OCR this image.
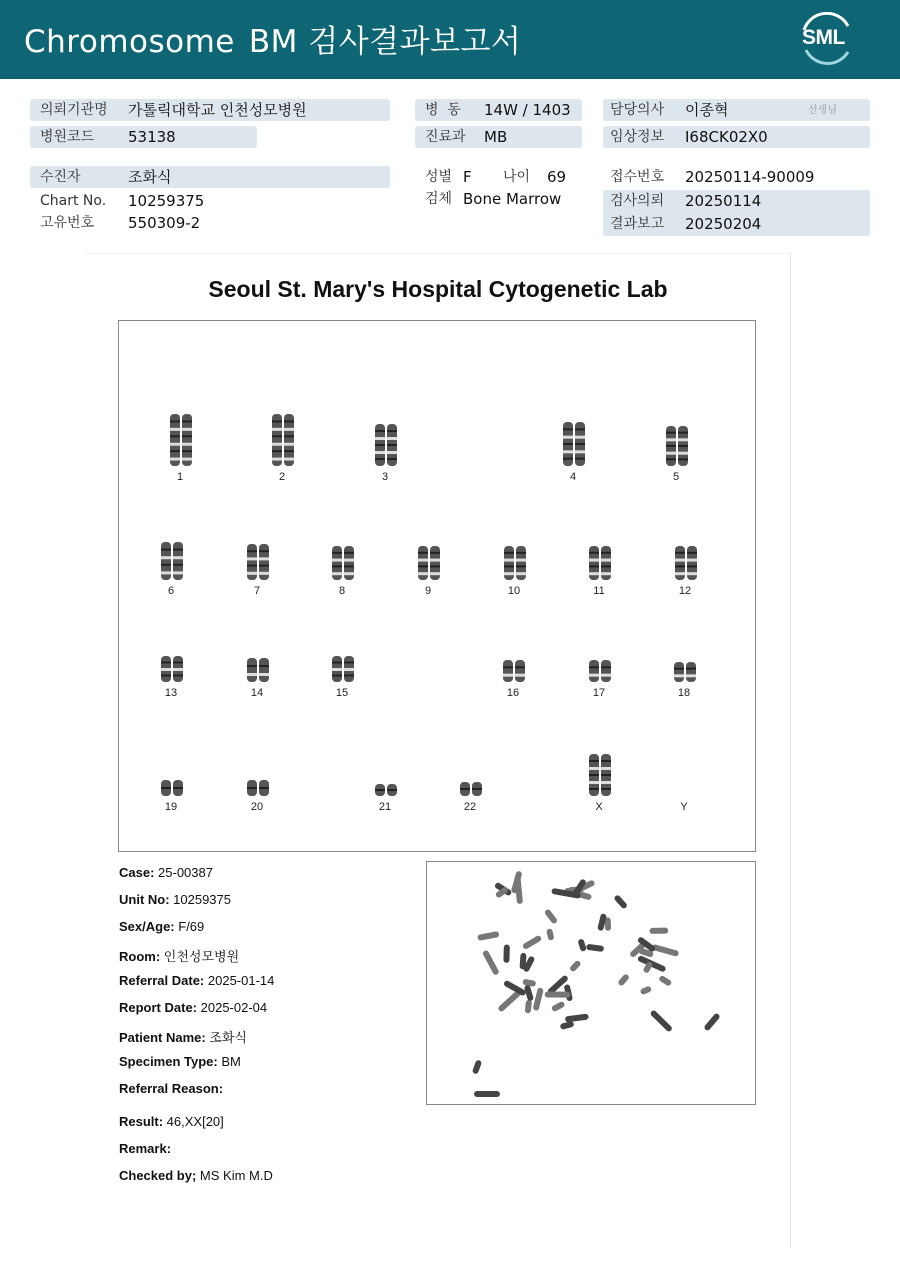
Chromosome BM 검사결과보고서	SML
의뢰기관명 가톨릭대학교 인천성모병원
병원코드 53138
병  동 14W / 1403
진료과 MB
담당의사 이종혁	선생님
임상정보 I68CK02X0
수진자	조화식
Chart No. 10259375
고유번호 550309-2
성별 F 나이 69
검체 Bone Marrow
접수번호 20250114-90009
검사의뢰 20250114
결과보고 20250204
Seoul St. Mary's Hospital Cytogenetic Lab
1	2	3	4	5
6	7	8	9	10	11	12
13	14	15	16	17	18
19	20	21	22	X	Y
Case: 25-00387
Unit No: 10259375
Sex/Age: F/69
Room: 인천성모병원
Referral Date: 2025-01-14
Report Date: 2025-02-04
Patient Name: 조화식
Specimen Type: BM
Referral Reason:
Result: 46,XX[20]
Remark:
Checked by; MS Kim M.D
